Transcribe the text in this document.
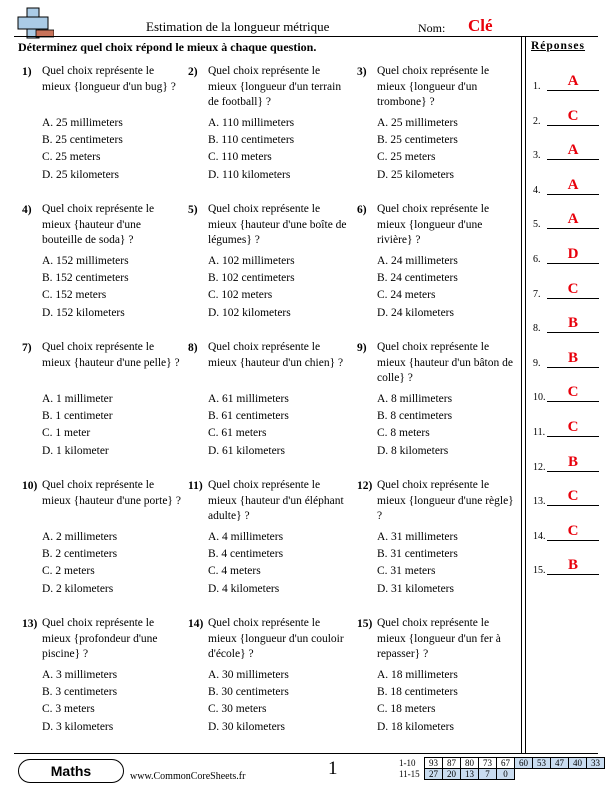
Estimation de la longueur métrique	Nom: Clé
Déterminez quel choix répond le mieux à chaque question.
1) Quel choix représente le mieux {longueur d'un bug} ?
A. 25 millimeters
B. 25 centimeters
C. 25 meters
D. 25 kilometers
2) Quel choix représente le mieux {longueur d'un terrain de football} ?
A. 110 millimeters
B. 110 centimeters
C. 110 meters
D. 110 kilometers
3) Quel choix représente le mieux {longueur d'un trombone} ?
A. 25 millimeters
B. 25 centimeters
C. 25 meters
D. 25 kilometers
4) Quel choix représente le mieux {hauteur d'une bouteille de soda} ?
A. 152 millimeters
B. 152 centimeters
C. 152 meters
D. 152 kilometers
5) Quel choix représente le mieux {hauteur d'une boîte de légumes} ?
A. 102 millimeters
B. 102 centimeters
C. 102 meters
D. 102 kilometers
6) Quel choix représente le mieux {longueur d'une rivière} ?
A. 24 millimeters
B. 24 centimeters
C. 24 meters
D. 24 kilometers
7) Quel choix représente le mieux {hauteur d'une pelle} ?
A. 1 millimeter
B. 1 centimeter
C. 1 meter
D. 1 kilometer
8) Quel choix représente le mieux {hauteur d'un chien} ?
A. 61 millimeters
B. 61 centimeters
C. 61 meters
D. 61 kilometers
9) Quel choix représente le mieux {hauteur d'un bâton de colle} ?
A. 8 millimeters
B. 8 centimeters
C. 8 meters
D. 8 kilometers
10) Quel choix représente le mieux {hauteur d'une porte} ?
A. 2 millimeters
B. 2 centimeters
C. 2 meters
D. 2 kilometers
11) Quel choix représente le mieux {hauteur d'un éléphant adulte} ?
A. 4 millimeters
B. 4 centimeters
C. 4 meters
D. 4 kilometers
12) Quel choix représente le mieux {longueur d'une règle} ?
A. 31 millimeters
B. 31 centimeters
C. 31 meters
D. 31 kilometers
13) Quel choix représente le mieux {profondeur d'une piscine} ?
A. 3 millimeters
B. 3 centimeters
C. 3 meters
D. 3 kilometers
14) Quel choix représente le mieux {longueur d'un couloir d'école} ?
A. 30 millimeters
B. 30 centimeters
C. 30 meters
D. 30 kilometers
15) Quel choix représente le mieux {longueur d'un fer à repasser} ?
A. 18 millimeters
B. 18 centimeters
C. 18 meters
D. 18 kilometers
Réponses
1.	A
2.	C
3.	A
4.	A
5.	A
6.	D
7.	C
8.	B
9.	B
10.	C
11.	C
12.	B
13.	C
14.	C
15.	B
Maths	www.CommonCoreSheets.fr	1	1-10	93	87	80	73	67	60	53	47	40	33
11-15	27	20	13	7	0					
